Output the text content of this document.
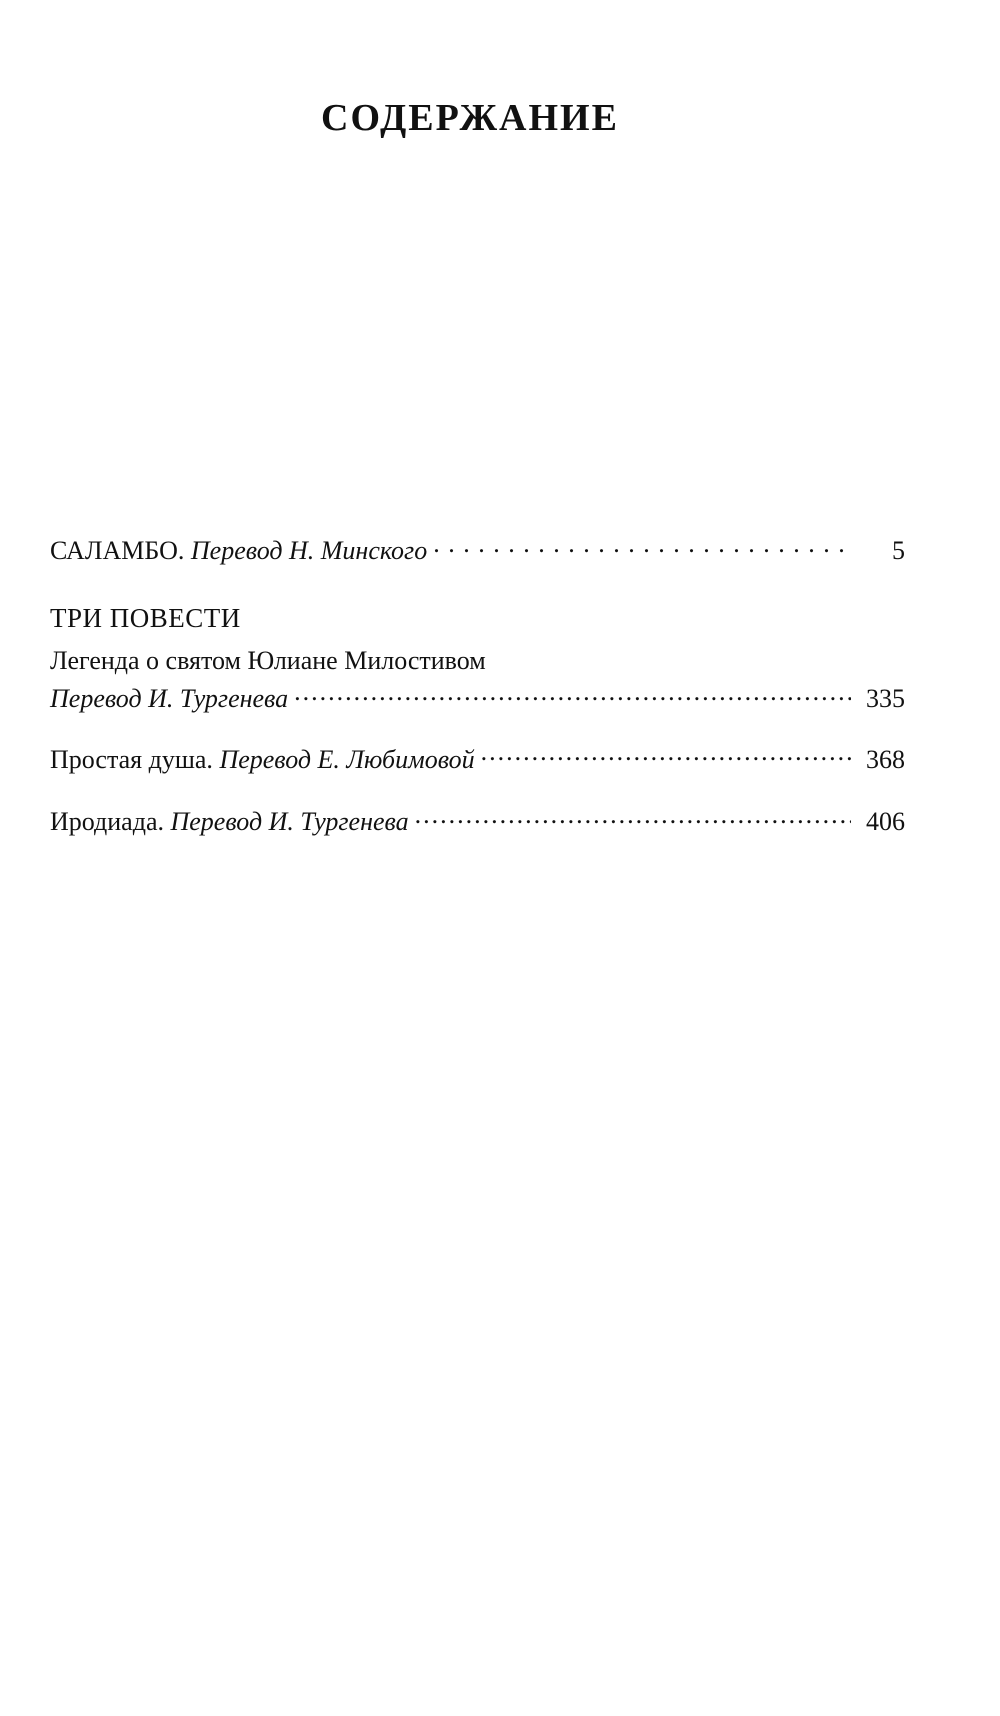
СОДЕРЖАНИЕ
САЛАМБО. Перевод Н. Минского . . .	5
ТРИ ПОВЕСТИ
Легенда о святом Юлиане Милостивом
Перевод И. Тургенева .....	335
Простая душа. Перевод Е. Любимовой .....	368
Иродиада. Перевод И. Тургенева .....	406
